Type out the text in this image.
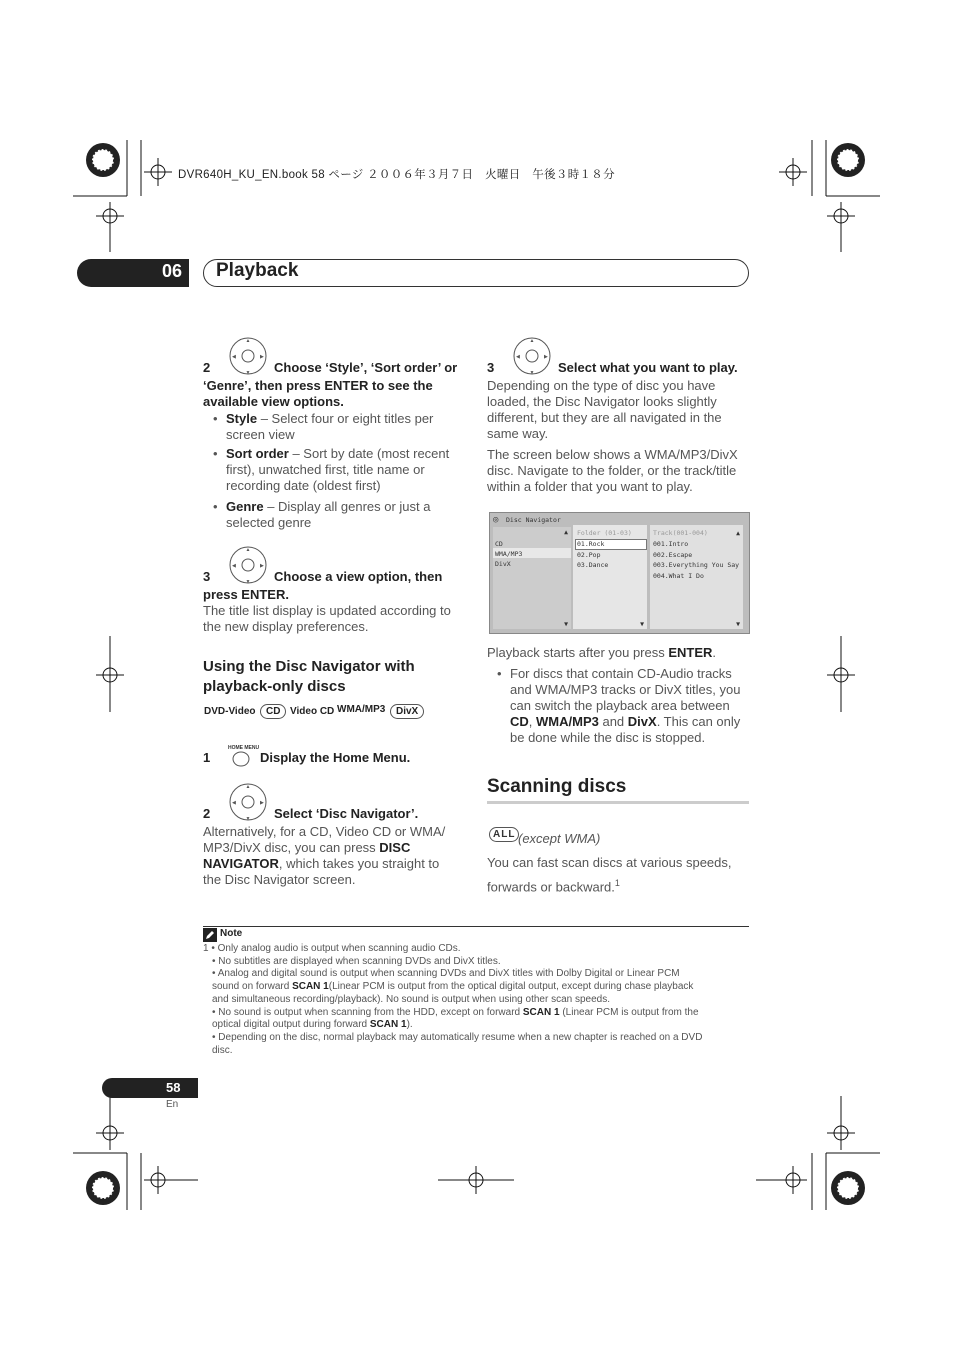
DVR640H_KU_EN.book 58 ページ ２００６年３月７日　火曜日　午後３時１８分
06 Playback
▲
▼
◀	▶
2	Choose ‘Style’, ‘Sort order’ or
‘Genre’, then press ENTER to see the
available view options.
• Style – Select four or eight titles per
screen view
• Sort order – Sort by date (most recent
first), unwatched first, title name or
recording date (oldest first)
• Genre – Display all genres or just a
selected genre
▲
▼
◀	▶
3	Choose a view option, then
press ENTER.
The title list display is updated according to
the new display preferences.
Using the Disc Navigator with
playback-only discs
DVD-Video	CD Video CD WMA/MP3	DivX
HOME MENU
1	Display the Home Menu.
▲
▼
◀	▶
2	Select ‘Disc Navigator’.
Alternatively, for a CD, Video CD or WMA/
MP3/DivX disc, you can press DISC
NAVIGATOR, which takes you straight to
the Disc Navigator screen.
▲
▼
◀	▶
3	Select what you want to play.
Depending on the type of disc you have
loaded, the Disc Navigator looks slightly
different, but they are all navigated in the
same way.
The screen below shows a WMA/MP3/DivX
disc. Navigate to the folder, or the track/title
within a folder that you want to play.
◎ Disc Navigator
▲
CD
WMA/MP3
DivX
▼
Folder (01-03)
01.Rock
02.Pop
03.Dance
▼
Track(001-004)	▲
001.Intro
002.Escape
003.Everything You Say
004.What I Do
▼
Playback starts after you press ENTER.
• For discs that contain CD-Audio tracks
and WMA/MP3 tracks or DivX titles, you
can switch the playback area between
CD, WMA/MP3 and DivX. This can only
be done while the disc is stopped.
Scanning discs
ALL (except WMA)
You can fast scan discs at various speeds,
forwards or backward.$^1$
Note
1 • Only analog audio is output when scanning audio CDs.
• No subtitles are displayed when scanning DVDs and DivX titles.
• Analog and digital sound is output when scanning DVDs and DivX titles with Dolby Digital or Linear PCM
sound on forward SCAN 1(Linear PCM is output from the optical digital output, except during chase playback
and simultaneous recording/playback). No sound is output when using other scan speeds.
• No sound is output when scanning from the HDD, except on forward SCAN 1 (Linear PCM is output from the
optical digital output during forward SCAN 1).
• Depending on the disc, normal playback may automatically resume when a new chapter is reached on a DVD
disc.
58
En
